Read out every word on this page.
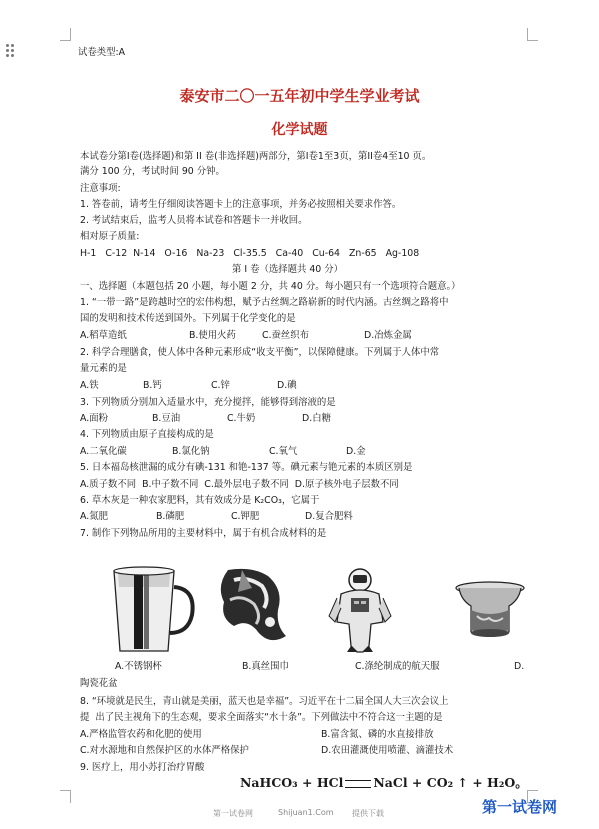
试卷类型:A
泰安市二〇一五年初中学生学业考试
化学试题
本试卷分第I卷(选择题)和第 II 卷(非选择题)两部分，第I卷1至3页，第II卷4至10 页。
满分 100 分，考试时间 90 分钟。
注意事项:
1. 答卷前，请考生仔细阅读答题卡上的注意事项，并务必按照相关要求作答。
2. 考试结束后，监考人员将本试卷和答题卡一并收回。
相对原子质量:
H-1   C-12  N-14   O-16   Na-23   Cl-35.5   Ca-40   Cu-64   Zn-65   Ag-108
第 I 卷（选择题共 40 分）
一、选择题（本题包括 20 小题，每小题 2 分，共 40 分。每小题只有一个选项符合题意。）
1. “一带一路”是跨越时空的宏伟构想，赋予古丝绸之路崭新的时代内涵。古丝绸之路将中
国的发明和技术传送到国外。下列属于化学变化的是
A.稻草造纸	B.使用火药	C.蚕丝织布	D.冶炼金属
2. 科学合理膳食，使人体中各种元素形成“收支平衡”，以保障健康。下列属于人体中常
量元素的是
A.铁	B.钙	C.锌	D.碘
3. 下列物质分别加入适量水中，充分搅拌，能够得到溶液的是
A.面粉	B.豆油	C.牛奶	D.白糖
4. 下列物质由原子直接构成的是
A.二氧化碳	B.氯化钠	C.氧气	D.金
5. 日本福岛核泄漏的成分有碘-131 和铯-137 等。碘元素与铯元素的本质区别是
A.质子数不同  B.中子数不同  C.最外层电子数不同  D.原子核外电子层数不同
6. 草木灰是一种农家肥料，其有效成分是 K₂CO₃，它属于
A.氮肥	B.磷肥	C.钾肥	D.复合肥料
7. 制作下列物品所用的主要材料中，属于有机合成材料的是
A.不锈钢杯	B.真丝围巾	C.涤纶制成的航天服	D.
陶瓷花盆
8. “环境就是民生，青山就是美丽，蓝天也是幸福”。习近平在十二届全国人大三次会议上
提  出了民主视角下的生态观，要求全面落实“水十条”。下列做法中不符合这一主题的是
A.严格监管农药和化肥的使用	B.富含氮、磷的水直接排放
C.对水源地和自然保护区的水体严格保护	D.农田灌溉使用喷灌、滴灌技术
9. 医疗上，用小苏打治疗胃酸
NaHCO₃ + HCl NaCl + CO₂ ↑ + H₂O。
第一试卷网	Shijuan1.Com 提供下载	第一试卷网
